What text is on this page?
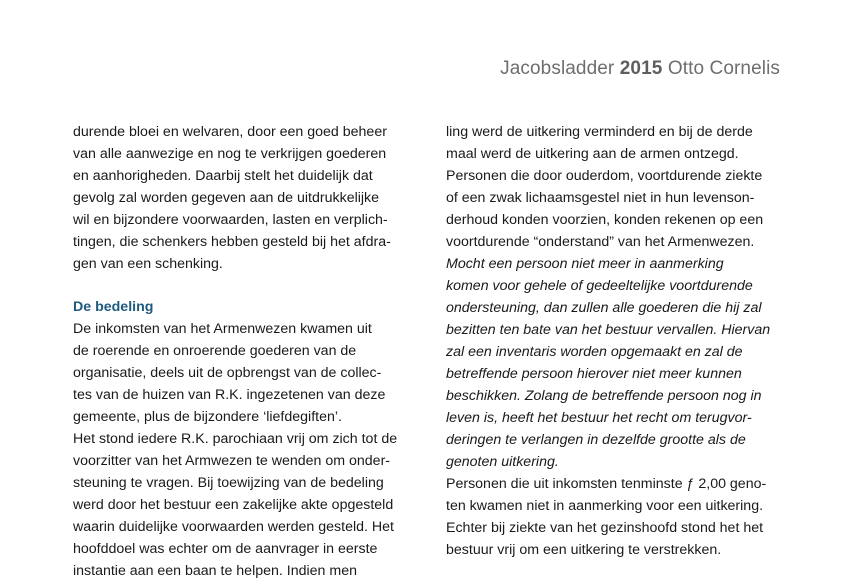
Jacobsladder 2015 Otto Cornelis
durende bloei en welvaren, door een goed beheer
van alle aanwezige en nog te verkrijgen goederen
en aanhorigheden. Daarbij stelt het duidelijk dat
gevolg zal worden gegeven aan de uitdrukkelijke
wil en bijzondere voorwaarden, lasten en verplich-
tingen, die schenkers hebben gesteld bij het afdra-
gen van een schenking.
De bedeling
De inkomsten van het Armenwezen kwamen uit
de roerende en onroerende goederen van de
organisatie, deels uit de opbrengst van de collec-
tes van de huizen van R.K. ingezetenen van deze
gemeente, plus de bijzondere ‘liefdegiften’.
Het stond iedere R.K. parochiaan vrij om zich tot de
voorzitter van het Armwezen te wenden om onder-
steuning te vragen. Bij toewijzing van de bedeling
werd door het bestuur een zakelijke akte opgesteld
waarin duidelijke voorwaarden werden gesteld. Het
hoofddoel was echter om de aanvrager in eerste
instantie aan een baan te helpen. Indien men
ling werd de uitkering verminderd en bij de derde
maal werd de uitkering aan de armen ontzegd.
Personen die door ouderdom, voortdurende ziekte
of een zwak lichaamsgestel niet in hun levenson-
derhoud konden voorzien, konden rekenen op een
voortdurende “onderstand” van het Armenwezen.
Mocht een persoon niet meer in aanmerking
komen voor gehele of gedeeltelijke voortdurende
ondersteuning, dan zullen alle goederen die hij zal
bezitten ten bate van het bestuur vervallen. Hiervan
zal een inventaris worden opgemaakt en zal de
betreffende persoon hierover niet meer kunnen
beschikken. Zolang de betreffende persoon nog in
leven is, heeft het bestuur het recht om terugvor-
deringen te verlangen in dezelfde grootte als de
genoten uitkering.
Personen die uit inkomsten tenminste ƒ 2,00 geno-
ten kwamen niet in aanmerking voor een uitkering.
Echter bij ziekte van het gezinshoofd stond het het
bestuur vrij om een uitkering te verstrekken.
